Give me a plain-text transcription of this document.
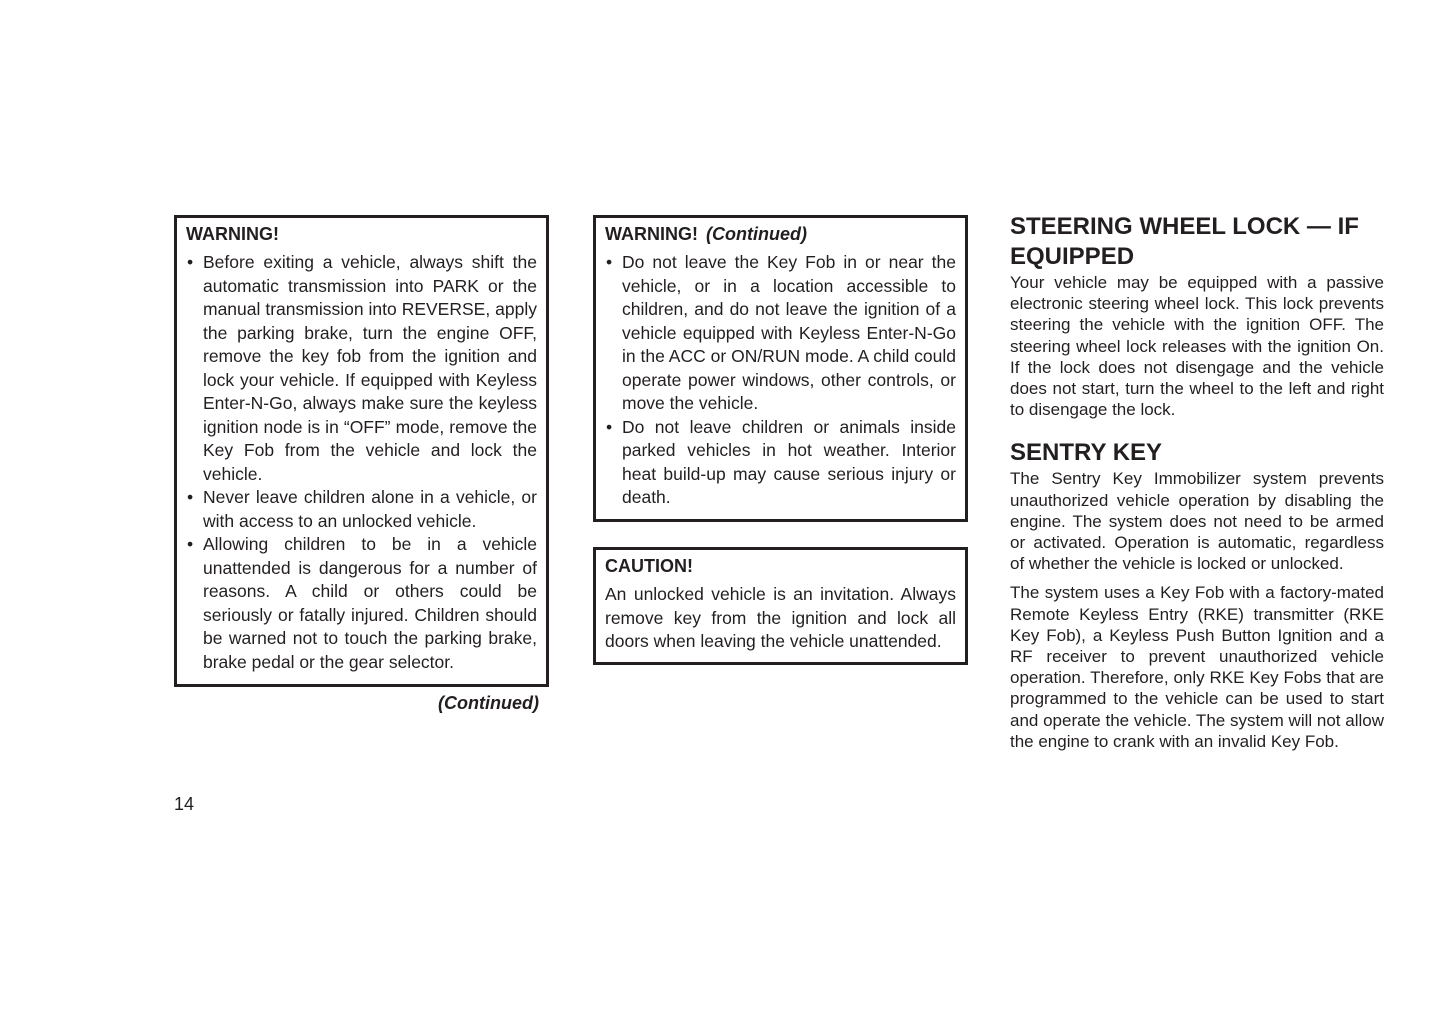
WARNING!
• Before exiting a vehicle, always shift the automatic transmission into PARK or the manual transmission into REVERSE, apply the parking brake, turn the engine OFF, remove the key fob from the ignition and lock your vehicle. If equipped with Keyless Enter-N-Go, always make sure the keyless ignition node is in “OFF” mode, remove the Key Fob from the vehicle and lock the vehicle.
• Never leave children alone in a vehicle, or with access to an unlocked vehicle.
• Allowing children to be in a vehicle unattended is dangerous for a number of reasons. A child or others could be seriously or fatally injured. Children should be warned not to touch the parking brake, brake pedal or the gear selector.
(Continued)
WARNING! (Continued)
• Do not leave the Key Fob in or near the vehicle, or in a location accessible to children, and do not leave the ignition of a vehicle equipped with Keyless Enter-N-Go in the ACC or ON/RUN mode. A child could operate power windows, other controls, or move the vehicle.
• Do not leave children or animals inside parked vehicles in hot weather. Interior heat build-up may cause serious injury or death.
CAUTION!

An unlocked vehicle is an invitation. Always remove key from the ignition and lock all doors when leaving the vehicle unattended.

STEERING WHEEL LOCK — IF EQUIPPED

Your vehicle may be equipped with a passive electronic steering wheel lock. This lock prevents steering the vehicle with the ignition OFF. The steering wheel lock releases with the ignition On. If the lock does not disengage and the vehicle does not start, turn the wheel to the left and right to disengage the lock.

SENTRY KEY

The Sentry Key Immobilizer system prevents unauthorized vehicle operation by disabling the engine. The system does not need to be armed or activated. Operation is automatic, regardless of whether the vehicle is locked or unlocked.

The system uses a Key Fob with a factory-mated Remote Keyless Entry (RKE) transmitter (RKE Key Fob), a Keyless Push Button Ignition and a RF receiver to prevent unauthorized vehicle operation. Therefore, only RKE Key Fobs that are programmed to the vehicle can be used to start and operate the vehicle. The system will not allow the engine to crank with an invalid Key Fob.

14
